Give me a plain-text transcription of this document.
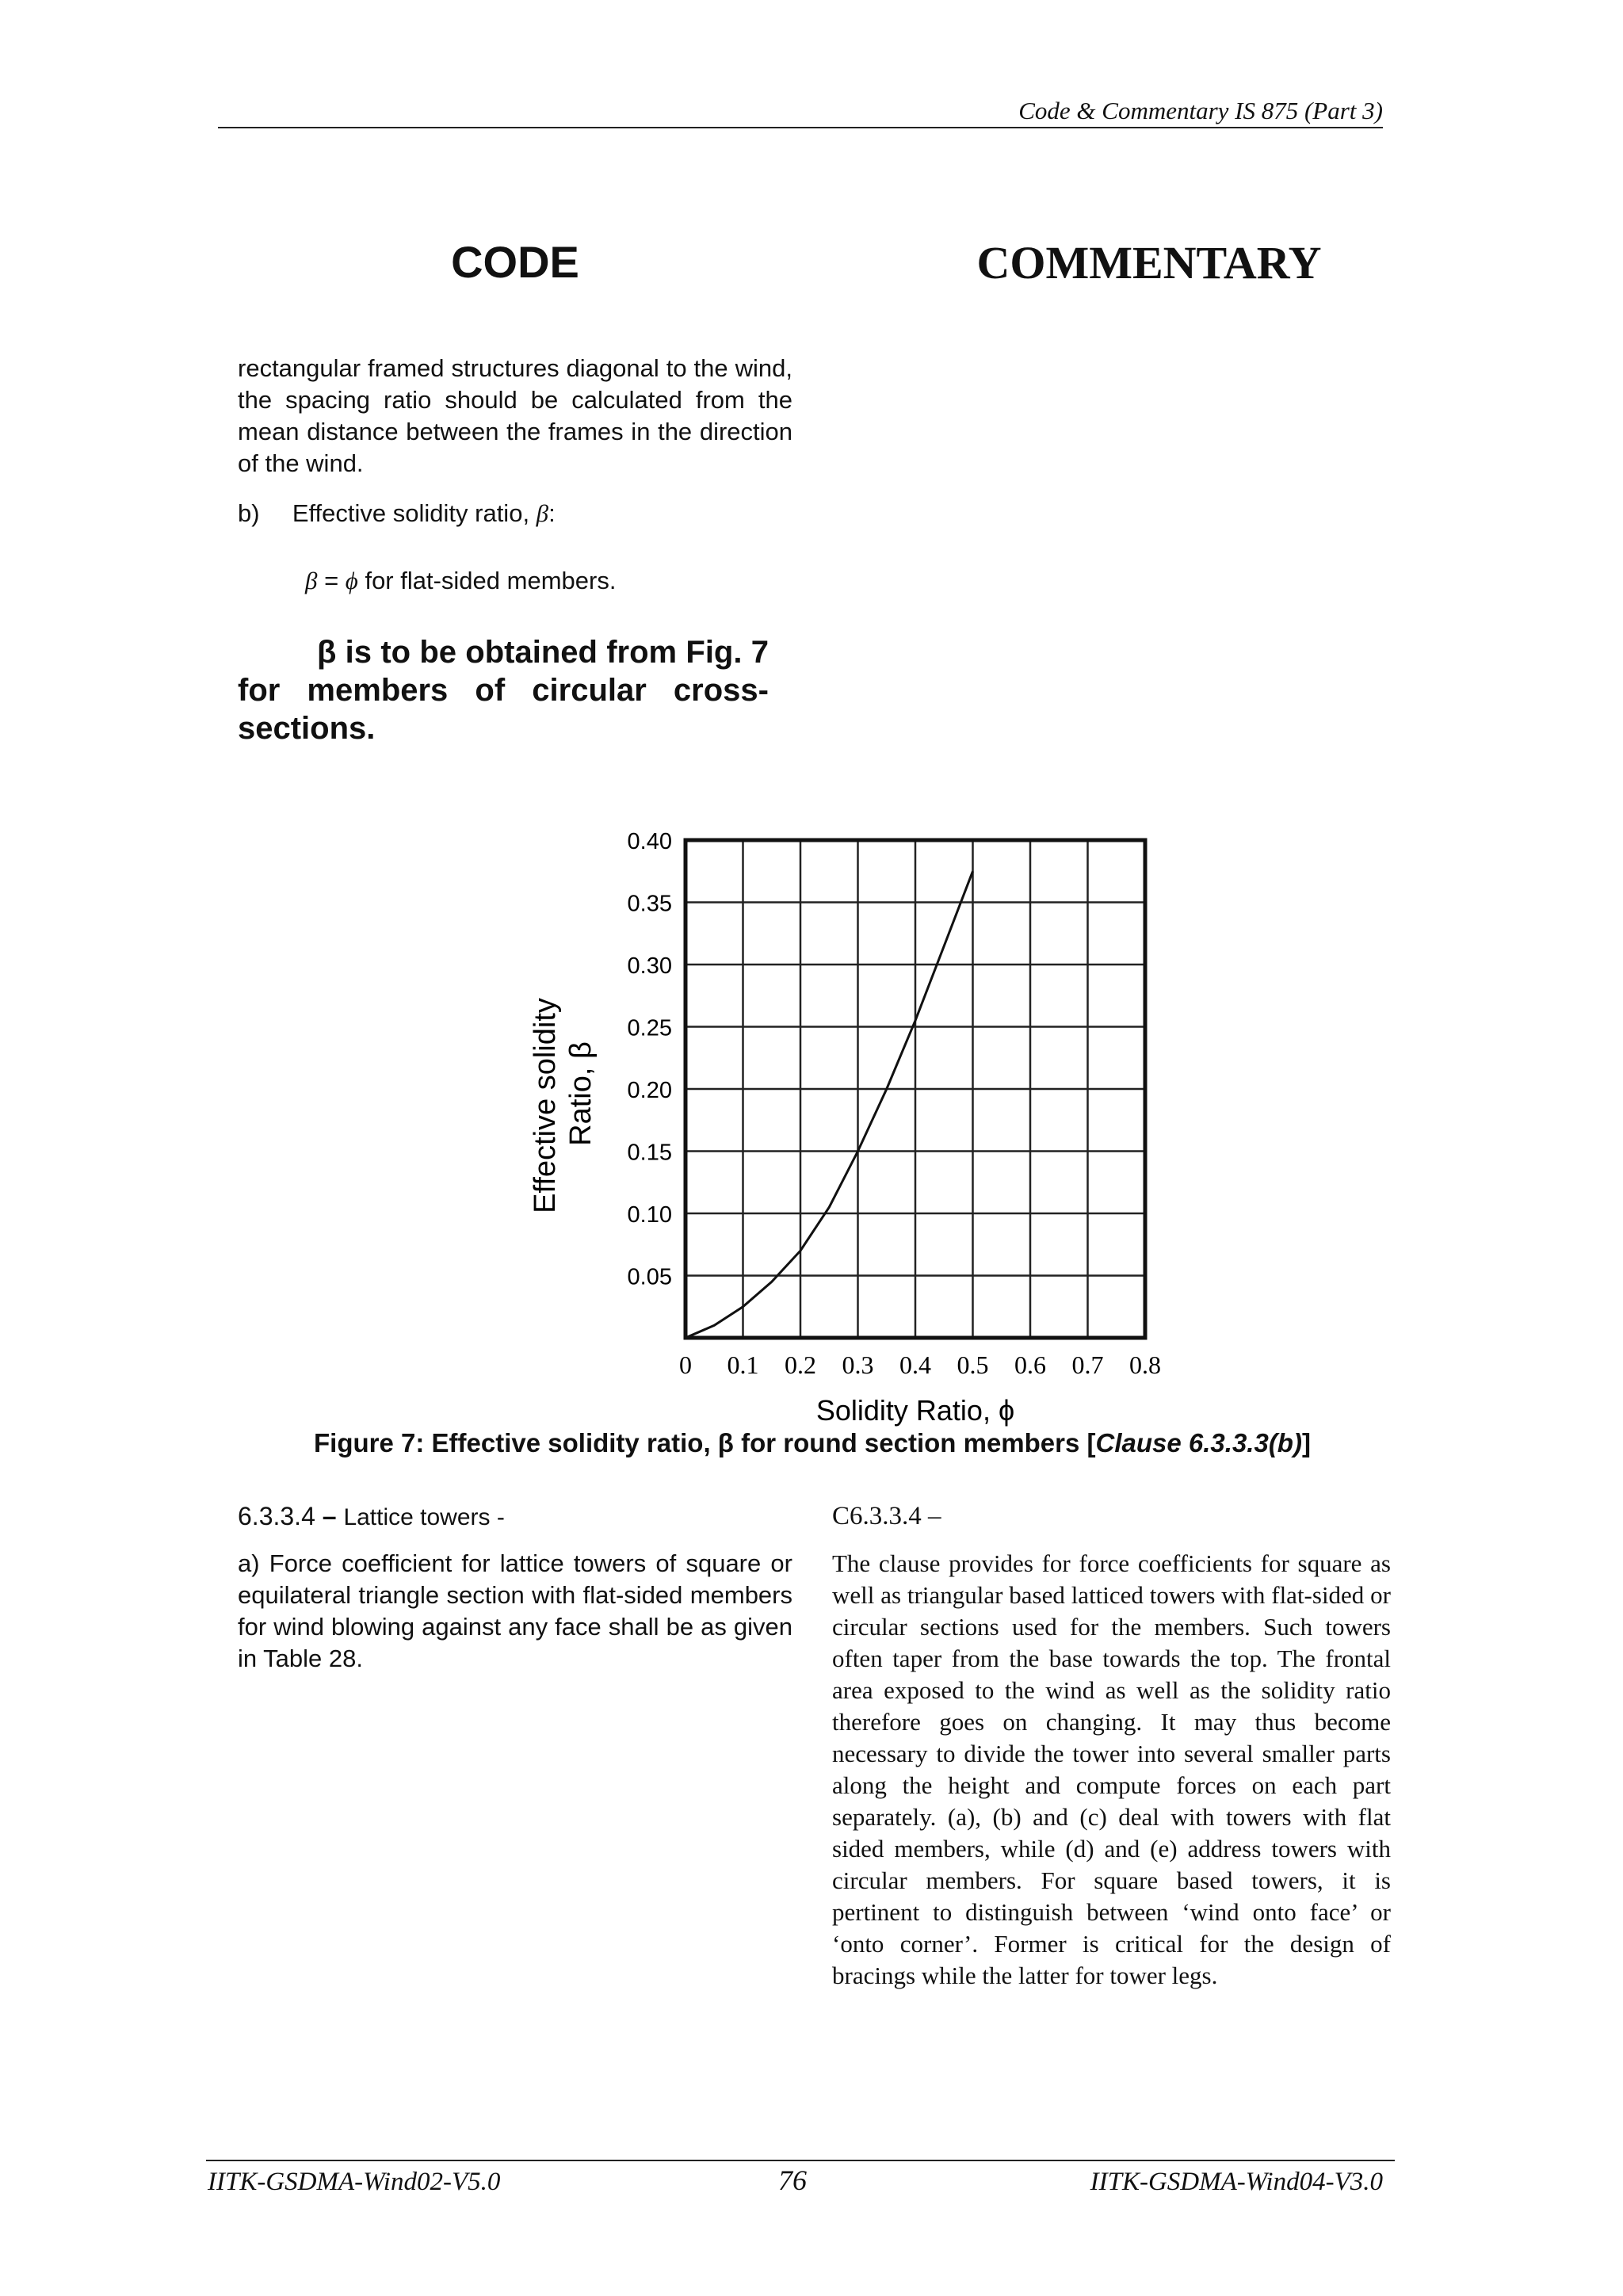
Code & Commentary IS 875 (Part 3)
CODE	COMMENTARY
rectangular framed structures diagonal to the wind, the spacing ratio should be calculated from the mean distance between the frames in the direction of the wind.
b) Effective solidity ratio, β:
β = ϕ for flat-sided members.
β is to be obtained from Fig. 7 for members of circular cross-sections.
0.05
0.10
0.15
0.20
0.25
0.30
0.35
0.40
0 0.1 0.2 0.3 0.4 0.5 0.6 0.7 0.8
Effective solidity Ratio, β
Solidity Ratio, ϕ
Figure 7: Effective solidity ratio, β for round section members [Clause 6.3.3.3(b)]
6.3.3.4 – Lattice towers -
a) Force coefficient for lattice towers of square or equilateral triangle section with flat-sided members for wind blowing against any face shall be as given in Table 28.
C6.3.3.4 –
The clause provides for force coefficients for square as well as triangular based latticed towers with flat-sided or circular sections used for the members. Such towers often taper from the base towards the top. The frontal area exposed to the wind as well as the solidity ratio therefore goes on changing. It may thus become necessary to divide the tower into several smaller parts along the height and compute forces on each part separately. (a), (b) and (c) deal with towers with flat sided members, while (d) and (e) address towers with circular members. For square based towers, it is pertinent to distinguish between ‘wind onto face’ or ‘onto corner’. Former is critical for the design of bracings while the latter for tower legs.
IITK-GSDMA-Wind02-V5.0	76	IITK-GSDMA-Wind04-V3.0
